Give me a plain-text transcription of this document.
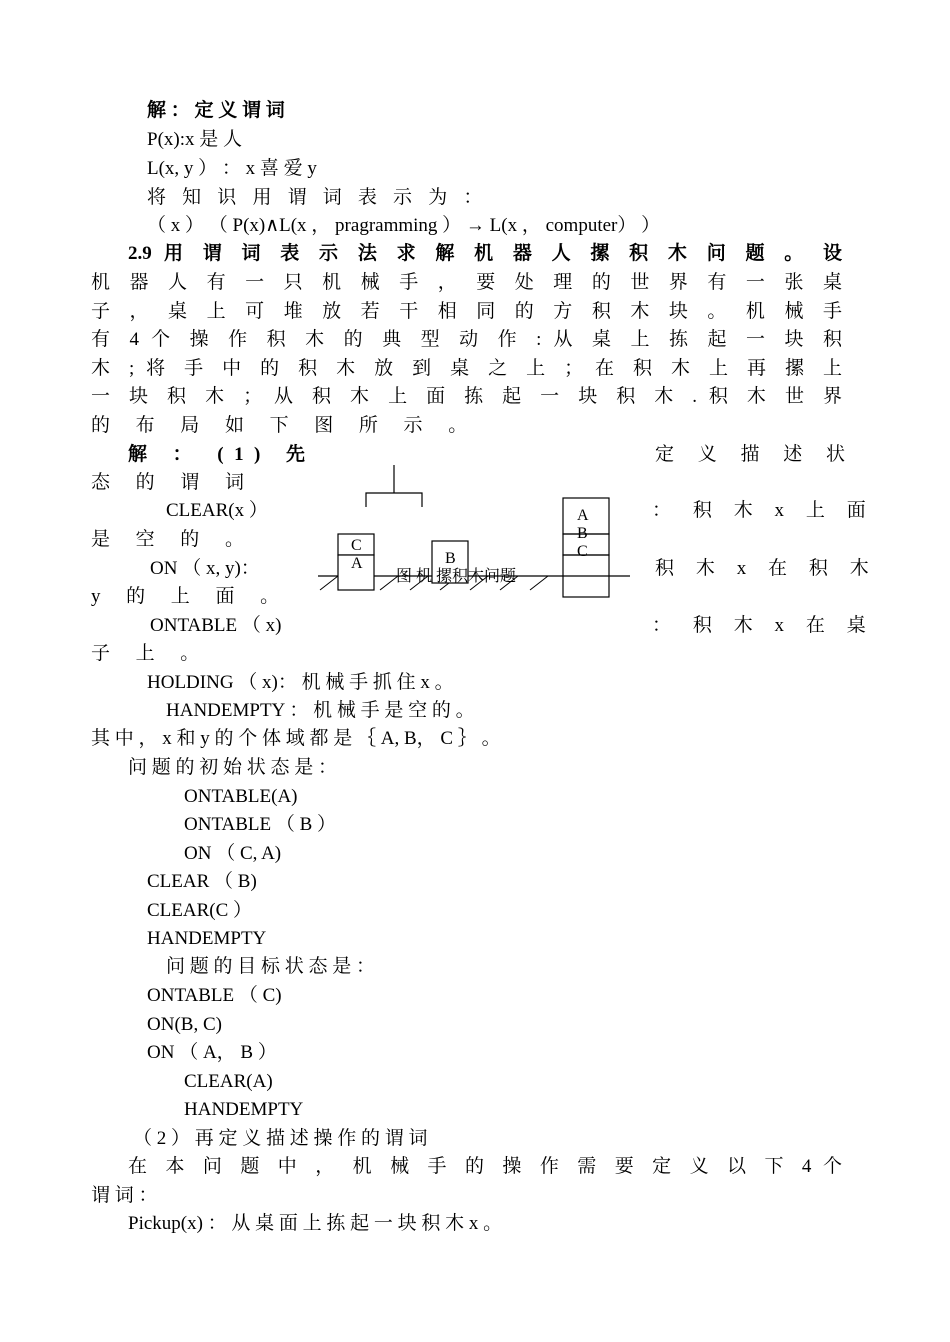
解 ： 定 义 谓 词
P(x):x 是 人
L(x, y ） ： x 喜 爱 y
将 知 识 用 谓 词 表 示 为 ：
（ x ） （ P(x)∧L(x ， pragramming ） → L(x ， computer） ）
2.9 用 谓 词 表 示 法 求 解 机 器 人 摞 积 木 问 题 。 设
机 器 人 有 一 只 机 械 手 ， 要 处 理 的 世 界 有 一 张 桌
子 ， 桌 上 可 堆 放 若 干 相 同 的 方 积 木 块 。 机 械 手
有 4 个 操 作 积 木 的 典 型 动 作 : 从 桌 上 拣 起 一 块 积
木 ; 将 手 中 的 积 木 放 到 桌 之 上 ； 在 积 木 上 再 摞 上
一 块 积 木 ； 从 积 木 上 面 拣 起 一 块 积 木 . 积 木 世 界
的 布 局 如 下 图 所 示 。
解 ： (1) 先	定 义 描 述 状
态 的 谓 词
CLEAR(x ）	： 积 木 x 上 面
是 空 的 。
ON （ x, y)：	积 木 x 在 积 木
y 的 上 面 。
ONTABLE （ x)	： 积 木 x 在 桌
子 上 。
HOLDING （ x)： 机 械 手 抓 住 x 。
HANDEMPTY ： 机 械 手 是 空 的 。
其 中 ， x 和 y 的 个 体 域 都 是 ｛ A, B， C ｝ 。
问 题 的 初 始 状 态 是 ：
ONTABLE(A)
ONTABLE （ B ）
ON （ C, A)
CLEAR （ B)
CLEAR(C ）
HANDEMPTY
问 题 的 目 标 状 态 是 ：
ONTABLE （ C)
ON(B, C)
ON （ A， B ）
CLEAR(A)
HANDEMPTY
（ 2 ） 再 定 义 描 述 操 作 的 谓 词
在 本 问 题 中 ， 机 械 手 的 操 作 需 要 定 义 以 下 4 个
谓 词 ：
Pickup(x) ： 从 桌 面 上 拣 起 一 块 积 木 x 。
C
A	B
图 机 摞积木问题
A
B
C
